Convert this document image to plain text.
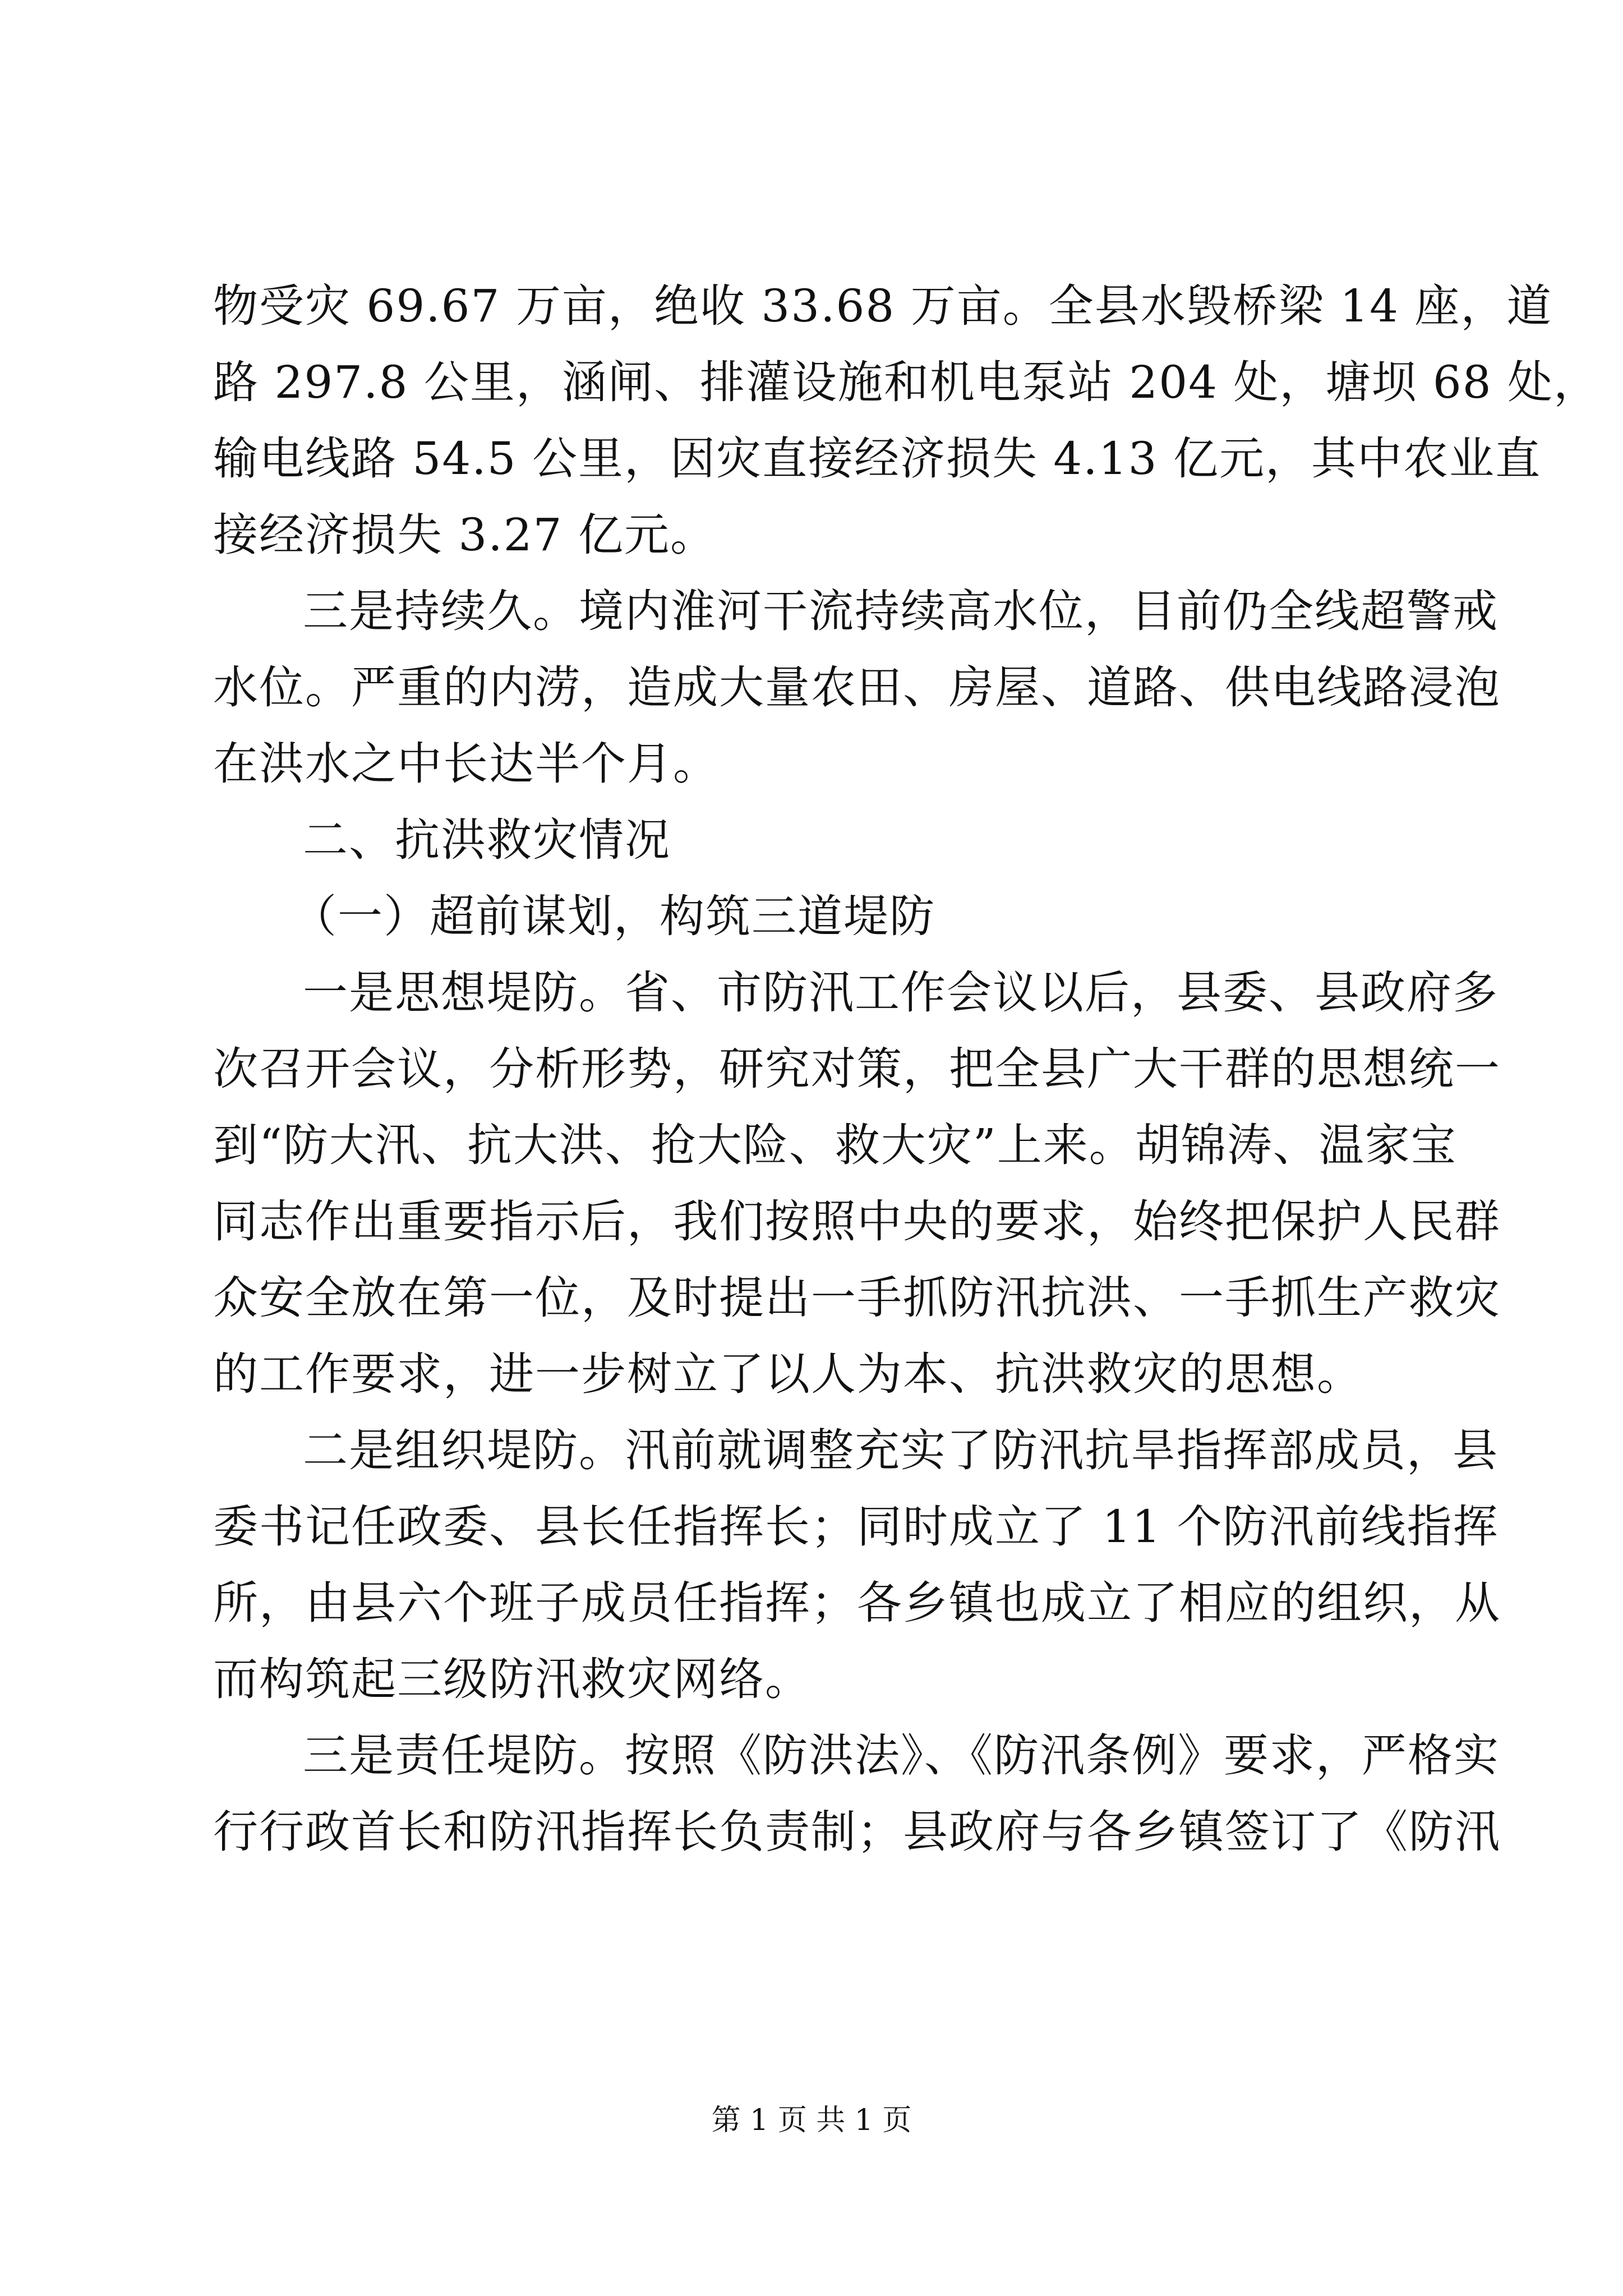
物受灾 69.67 万亩，绝收 33.68 万亩。全县水毁桥梁 14 座，道
路 297.8 公里，涵闸、排灌设施和机电泵站 204 处，塘坝 68 处，
输电线路 54.5 公里，因灾直接经济损失 4.13 亿元，其中农业直
接经济损失 3.27 亿元。
三是持续久。境内淮河干流持续高水位，目前仍全线超警戒
水位。严重的内涝，造成大量农田、房屋、道路、供电线路浸泡
在洪水之中长达半个月。
二、抗洪救灾情况
（一）超前谋划，构筑三道堤防
一是思想堤防。省、市防汛工作会议以后，县委、县政府多
次召开会议，分析形势，研究对策，把全县广大干群的思想统一
到“防大汛、抗大洪、抢大险、救大灾”上来。胡锦涛、温家宝
同志作出重要指示后，我们按照中央的要求，始终把保护人民群
众安全放在第一位，及时提出一手抓防汛抗洪、一手抓生产救灾
的工作要求，进一步树立了以人为本、抗洪救灾的思想。
二是组织堤防。汛前就调整充实了防汛抗旱指挥部成员，县
委书记任政委、县长任指挥长；同时成立了 11 个防汛前线指挥
所，由县六个班子成员任指挥；各乡镇也成立了相应的组织，从
而构筑起三级防汛救灾网络。
三是责任堤防。按照《防洪法》、《防汛条例》要求，严格实
行行政首长和防汛指挥长负责制；县政府与各乡镇签订了《防汛
第 1 页 共 1 页
